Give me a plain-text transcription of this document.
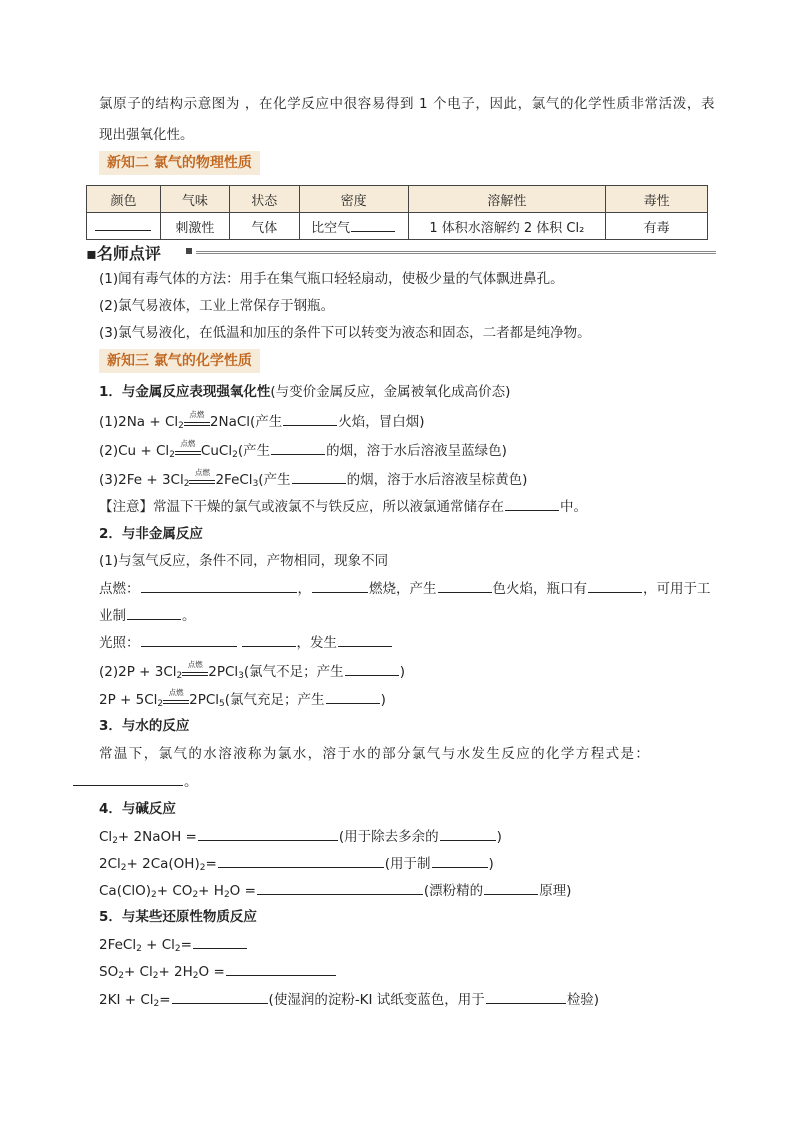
氯原子的结构示意图为 ，在化学反应中很容易得到 1 个电子，因此，氯气的化学性质非常活泼，表
现出强氧化性。
新知二 氯气的物理性质
颜色	气味	状态	密度	溶解性	毒性
	刺激性	气体	比空气	1 体积水溶解约 2 体积 Cl₂	有毒
▪名师点评
(1)闻有毒气体的方法：用手在集气瓶口轻轻扇动，使极少量的气体飘进鼻孔。
(2)氯气易液体，工业上常保存于钢瓶。
(3)氯气易液化，在低温和加压的条件下可以转变为液态和固态，二者都是纯净物。
新知三 氯气的化学性质
1．与金属反应表现强氧化性(与变价金属反应，金属被氧化成高价态)
$(1)2Na + Cl_2$
点燃 2NaCl(产生	火焰，冒白烟)
$(2)Cu + Cl_2$
点燃 CuCl$_2$(产生	的烟，溶于水后溶液呈蓝绿色)
$(3)2Fe + 3Cl_2$
点燃 2FeCl$_3$(产生	的烟，溶于水后溶液呈棕黄色)
【注意】常温下干燥的氯气或液氯不与铁反应，所以液氯通常储存在	中。
2．与非金属反应
(1)与氢气反应，条件不同，产物相同，现象不同
点燃：	，	燃烧，产生	色火焰，瓶口有	，可用于工
业制	。
光照：	，发生
$(2)2P + 3Cl_2$
点燃 2PCl$_3$(氯气不足；产生	)
$2P + 5Cl_2$
点燃 2PCl$_5$(氯气充足；产生	)
3．与水的反应
常温下，氯气的水溶液称为氯水，溶于水的部分氯气与水发生反应的化学方程式是：
。
4．与碱反应
$Cl_2+$ 2NaOH =	(用于除去多余的	)
$2Cl_2+ 2Ca(OH)_2=$	(用于制	)
$Ca(ClO)_2+ CO_2+ H_2O$ =	(漂粉精的	原理)
5．与某些还原性物质反应
2FeCl$_2$ + $Cl_2=$
$SO_2+ Cl_2+ 2H_2O$ =
$2KI + Cl_2=$	(使湿润的淀粉-KI 试纸变蓝色，用于	检验)
